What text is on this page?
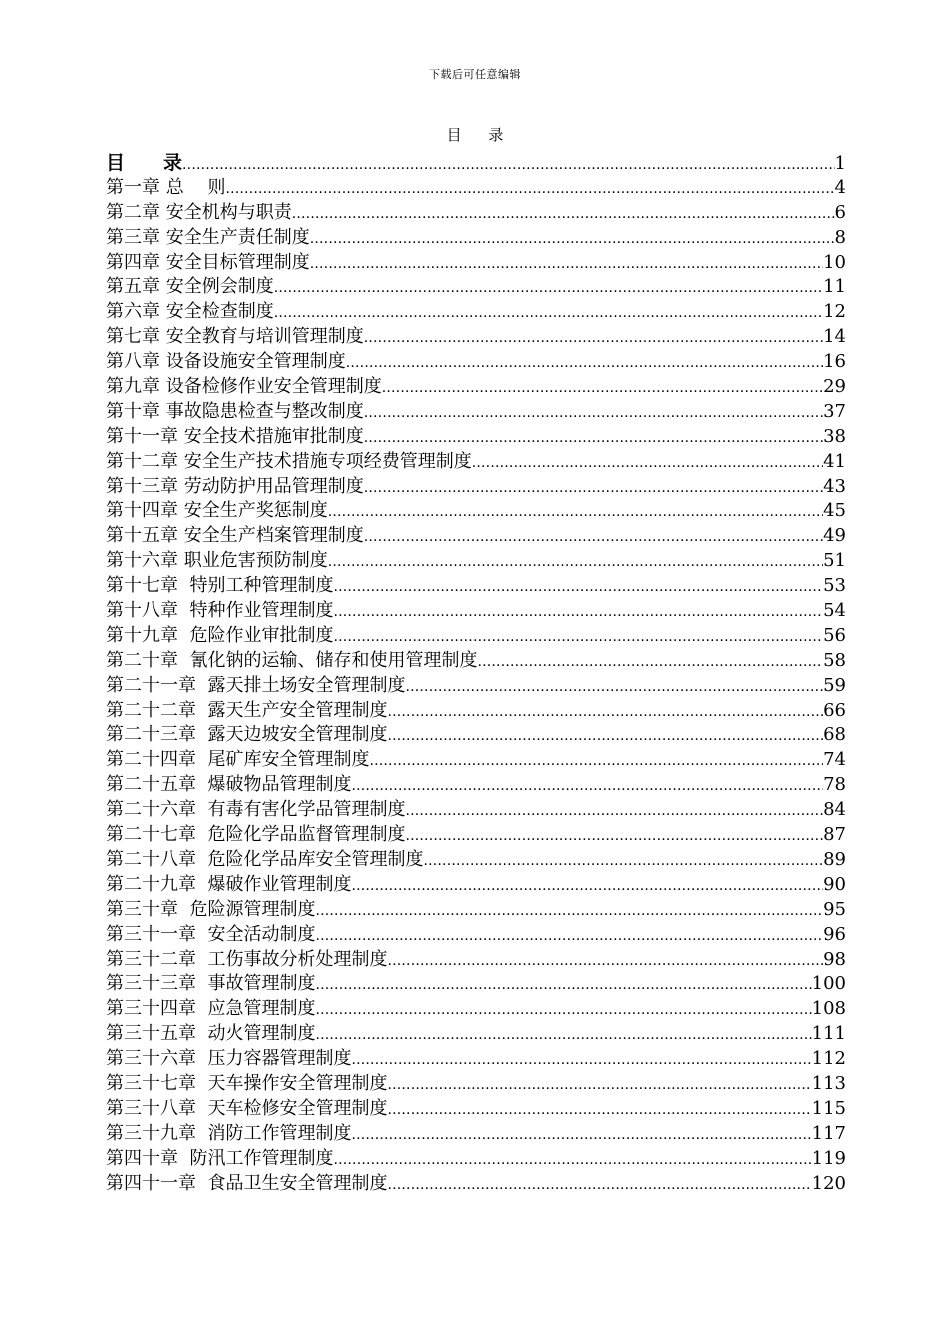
下载后可任意编辑
目 录
目　　录 .....	1
第一章 总　 则 .....	4
第二章 安全机构与职责 .....	6
第三章 安全生产责任制度 .....	8
第四章 安全目标管理制度 .....	10
第五章 安全例会制度 .....	11
第六章 安全检查制度 .....	12
第七章 安全教育与培训管理制度 .....	14
第八章 设备设施安全管理制度 .....	16
第九章 设备检修作业安全管理制度 .....	29
第十章 事故隐患检查与整改制度 .....	37
第十一章 安全技术措施审批制度 .....	38
第十二章 安全生产技术措施专项经费管理制度 .....	41
第十三章 劳动防护用品管理制度 .....	43
第十四章 安全生产奖惩制度 .....	45
第十五章 安全生产档案管理制度 .....	49
第十六章 职业危害预防制度 .....	51
第十七章  特别工种管理制度 .....	53
第十八章  特种作业管理制度 .....	54
第十九章  危险作业审批制度 .....	56
第二十章  氰化钠的运输、储存和使用管理制度 .....	58
第二十一章  露天排土场安全管理制度 .....	59
第二十二章  露天生产安全管理制度 .....	66
第二十三章  露天边坡安全管理制度 .....	68
第二十四章  尾矿库安全管理制度 .....	74
第二十五章  爆破物品管理制度 .....	78
第二十六章  有毒有害化学品管理制度 .....	84
第二十七章  危险化学品监督管理制度 .....	87
第二十八章  危险化学品库安全管理制度 .....	89
第二十九章  爆破作业管理制度 .....	90
第三十章  危险源管理制度 .....	95
第三十一章  安全活动制度 .....	96
第三十二章  工伤事故分析处理制度 .....	98
第三十三章  事故管理制度 .....	100
第三十四章  应急管理制度 .....	108
第三十五章  动火管理制度 .....	111
第三十六章  压力容器管理制度 .....	112
第三十七章  天车操作安全管理制度 .....	113
第三十八章  天车检修安全管理制度 .....	115
第三十九章  消防工作管理制度 .....	117
第四十章  防汛工作管理制度 .....	119
第四十一章  食品卫生安全管理制度 .....	120
